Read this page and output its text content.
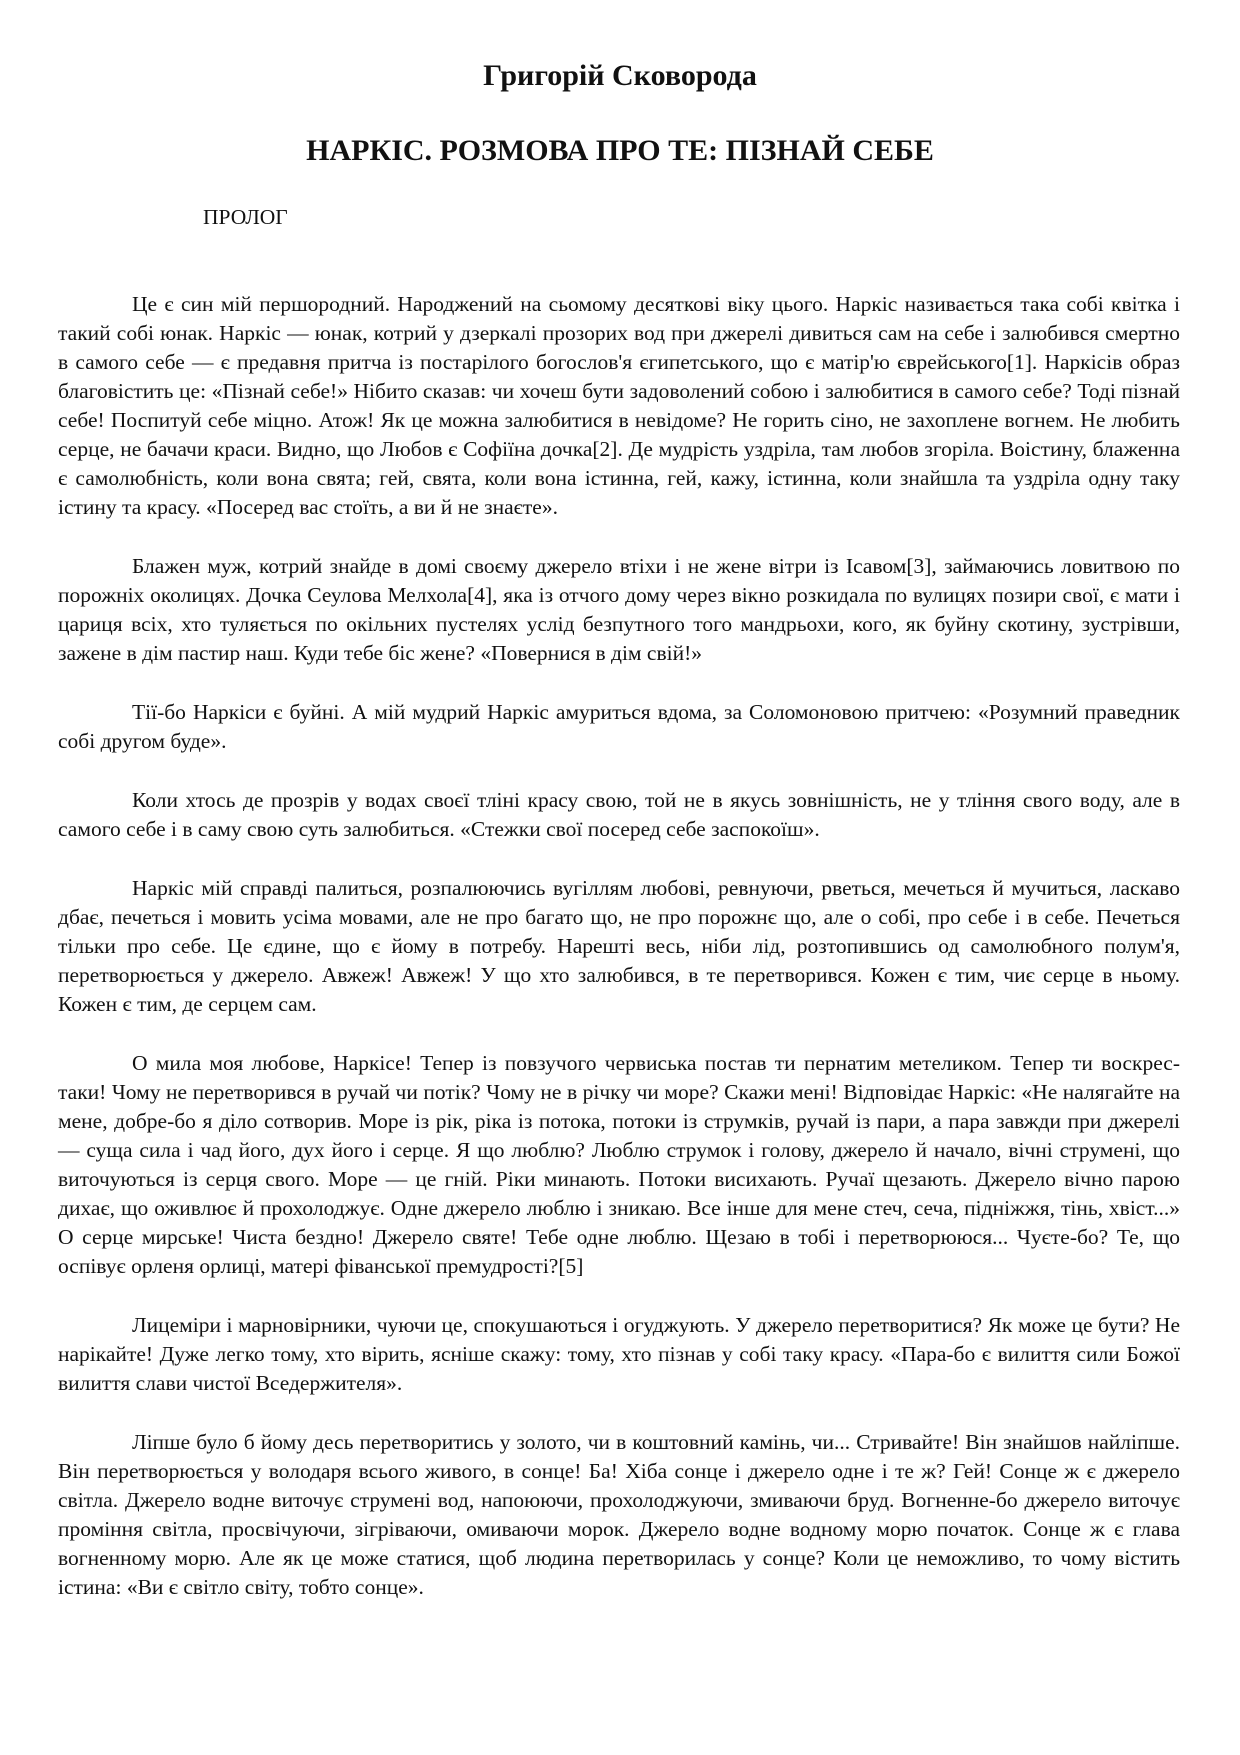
Григорій Сковорода
НАРКІС. РОЗМОВА ПРО ТЕ: ПІЗНАЙ СЕБЕ

ПРОЛОГ

Це є син мій першородний. Народжений на сьомому десяткові віку цього. Наркіс називається така собі квітка і такий собі юнак. Наркіс — юнак, котрий у дзеркалі прозорих вод при джерелі дивиться сам на себе і залюбився смертно в самого себе — є предавня притча із постарілого богослов'я єгипетського, що є матір'ю єврейського[1]. Наркісів образ благовістить це: «Пізнай себе!» Нібито сказав: чи хочеш бути задоволений собою і залюбитися в самого себе? Тоді пізнай себе! Поспитуй себе міцно. Атож! Як це можна залюбитися в невідоме? Не горить сіно, не захоплене вогнем. Не любить серце, не бачачи краси. Видно, що Любов є Софіїна дочка[2]. Де мудрість уздріла, там любов згоріла. Воістину, блаженна є самолюбність, коли вона свята; гей, свята, коли вона істинна, гей, кажу, істинна, коли знайшла та уздріла одну таку істину та красу. «Посеред вас стоїть, а ви й не знаєте».

Блажен муж, котрий знайде в домі своєму джерело втіхи і не жене вітри із Ісавом[3], займаючись ловитвою по порожніх околицях. Дочка Сеулова Мелхола[4], яка із отчого дому через вікно розкидала по вулицях позири свої, є мати і цариця всіх, хто туляється по окільних пустелях услід безпутного того мандрьохи, кого, як буйну скотину, зустрівши, зажене в дім пастир наш. Куди тебе біс жене? «Повернися в дім свій!»

Тії-бо Наркіси є буйні. А мій мудрий Наркіс амуриться вдома, за Соломоновою притчею: «Розумний праведник собі другом буде».

Коли хтось де прозрів у водах своєї тліні красу свою, той не в якусь зовнішність, не у тління свого воду, але в самого себе і в саму свою суть залюбиться. «Стежки свої посеред себе заспокоїш».

Наркіс мій справді палиться, розпалюючись вугіллям любові, ревнуючи, рветься, мечеться й мучиться, ласкаво дбає, печеться і мовить усіма мовами, але не про багато що, не про порожнє що, але о собі, про себе і в себе. Печеться тільки про себе. Це єдине, що є йому в потребу. Нарешті весь, ніби лід, розтопившись од самолюбного полум'я, перетворюється у джерело. Авжеж! Авжеж! У що хто залюбився, в те перетворився. Кожен є тим, чиє серце в ньому. Кожен є тим, де серцем сам.

О мила моя любове, Наркісе! Тепер із повзучого червиська постав ти пернатим метеликом. Тепер ти воскрес-таки! Чому не перетворився в ручай чи потік? Чому не в річку чи море? Скажи мені! Відповідає Наркіс: «Не налягайте на мене, добре-бо я діло сотворив. Море із рік, ріка із потока, потоки із струмків, ручай із пари, а пара завжди при джерелі — суща сила і чад його, дух його і серце. Я що люблю? Люблю струмок і голову, джерело й начало, вічні струмені, що виточуються із серця свого. Море — це гній. Ріки минають. Потоки висихають. Ручаї щезають. Джерело вічно парою дихає, що оживлює й прохолоджує. Одне джерело люблю і зникаю. Все інше для мене стеч, сеча, підніжжя, тінь, хвіст...» О серце мирське! Чиста бездно! Джерело святе! Тебе одне люблю. Щезаю в тобі і перетворююся... Чуєте-бо? Те, що оспівує орленя орлиці, матері фіванської премудрості?[5]

Лицеміри і марновірники, чуючи це, спокушаються і огуджують. У джерело перетворитися? Як може це бути? Не нарікайте! Дуже легко тому, хто вірить, ясніше скажу: тому, хто пізнав у собі таку красу. «Пара-бо є вилиття сили Божої вилиття слави чистої Вседержителя».

Ліпше було б йому десь перетворитись у золото, чи в коштовний камінь, чи... Стривайте! Він знайшов найліпше. Він перетворюється у володаря всього живого, в сонце! Ба! Хіба сонце і джерело одне і те ж? Гей! Сонце ж є джерело світла. Джерело водне виточує струмені вод, напоюючи, прохолоджуючи, змиваючи бруд. Вогненне-бо джерело виточує проміння світла, просвічуючи, зігріваючи, омиваючи морок. Джерело водне водному морю початок. Сонце ж є глава вогненному морю. Але як це може статися, щоб людина перетворилась у сонце? Коли це неможливо, то чому вістить істина: «Ви є світло світу, тобто сонце».
